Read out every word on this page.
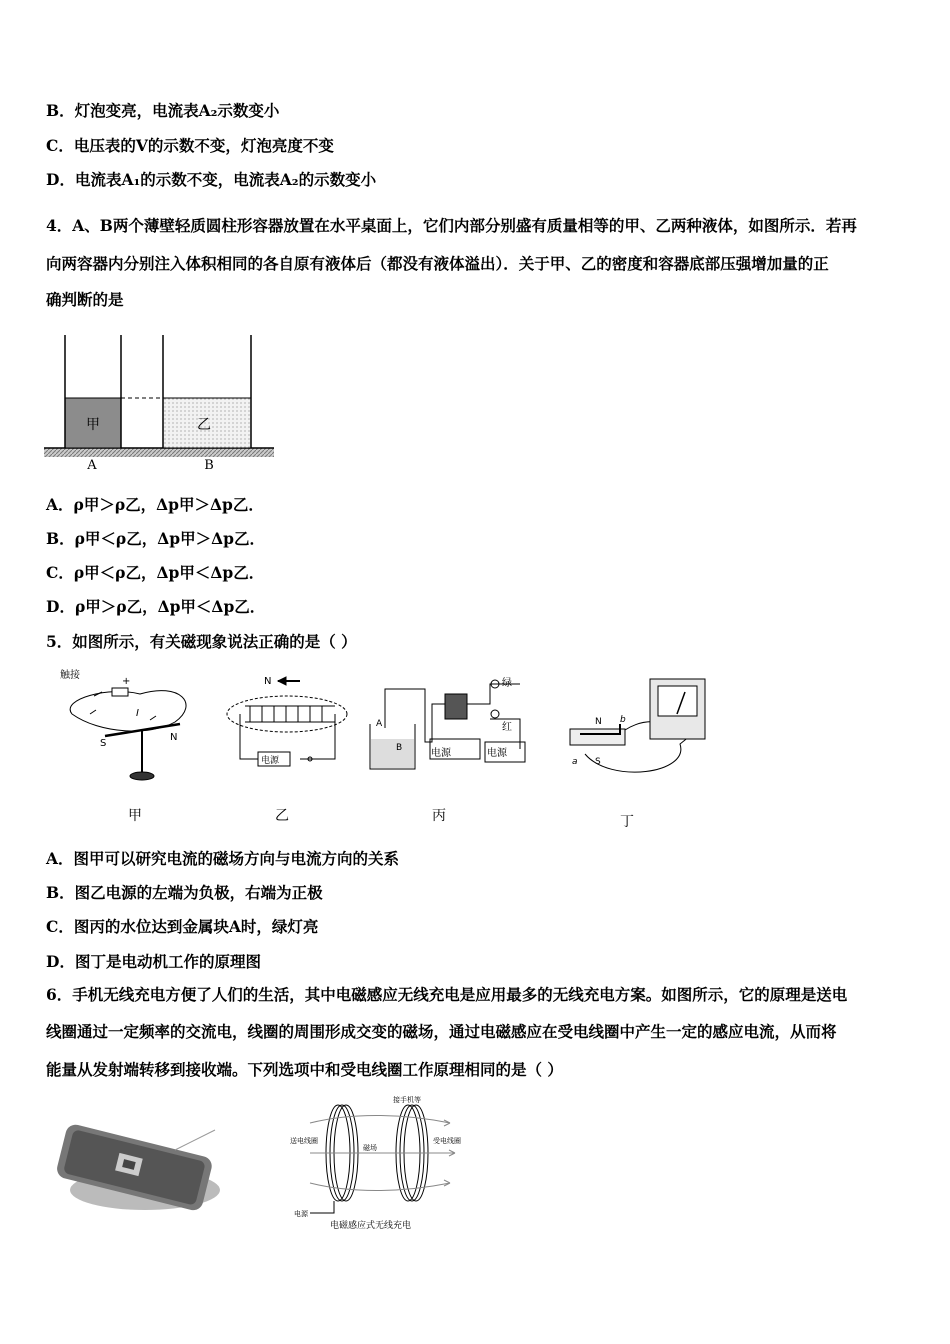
B．灯泡变亮，电流表A₂示数变小
C．电压表的V的示数不变，灯泡亮度不变
D．电流表A₁的示数不变，电流表A₂的示数变小
4．A、B两个薄壁轻质圆柱形容器放置在水平桌面上，它们内部分别盛有质量相等的甲、乙两种液体，如图所示．若再
向两容器内分别注入体积相同的各自原有液体后（都没有液体溢出）．关于甲、乙的密度和容器底部压强增加量的正
确判断的是
甲	乙
A	B
A．ρ甲＞ρ乙，Δp甲＞Δp乙．
B．ρ甲＜ρ乙，Δp甲＞Δp乙．
C．ρ甲＜ρ乙，Δp甲＜Δp乙．
D．ρ甲＞ρ乙，Δp甲＜Δp乙．
5．如图所示，有关磁现象说法正确的是（ ）
触接
+
I
S
N
甲
N
电源
乙
A
B
绿
红
电源	电源
丙
N b
a S
丁
A．图甲可以研究电流的磁场方向与电流方向的关系
B．图乙电源的左端为负极，右端为正极
C．图丙的水位达到金属块A时，绿灯亮
D．图丁是电动机工作的原理图
6．手机无线充电方便了人们的生活，其中电磁感应无线充电是应用最多的无线充电方案。如图所示，它的原理是送电
线圈通过一定频率的交流电，线圈的周围形成交变的磁场，通过电磁感应在受电线圈中产生一定的感应电流，从而将
能量从发射端转移到接收端。下列选项中和受电线圈工作原理相同的是（ ）
送电线圈	受电线圈
接手机等
磁场
电源
电磁感应式无线充电
